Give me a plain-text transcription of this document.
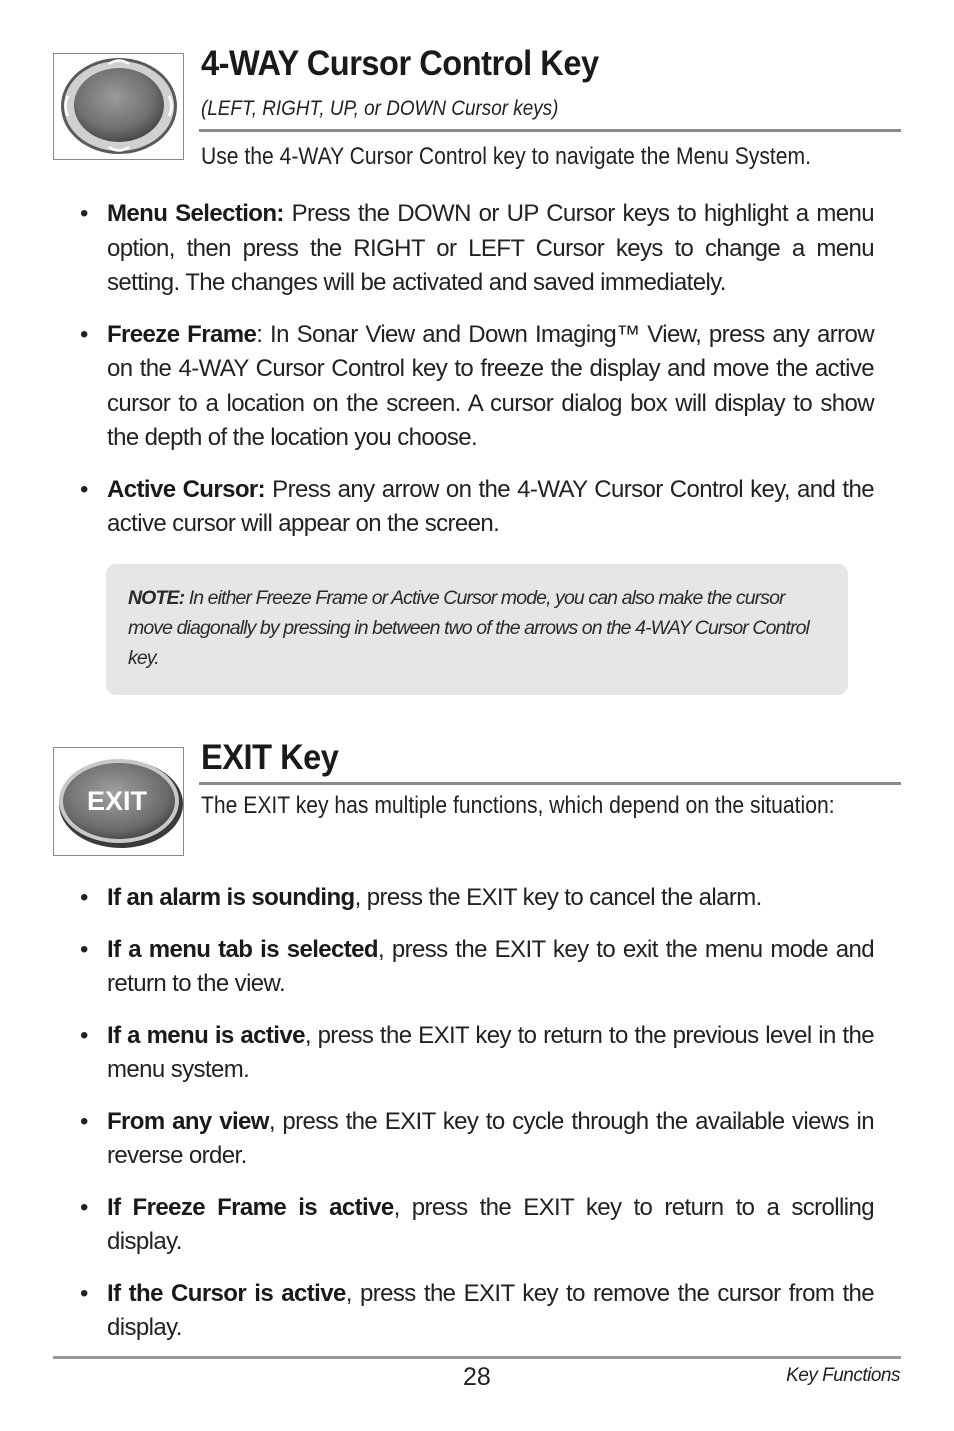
4-WAY Cursor Control Key
(LEFT, RIGHT, UP, or DOWN Cursor keys)
Use the 4-WAY Cursor Control key to navigate the Menu System.
• Menu Selection: Press the DOWN or UP Cursor keys to highlight a menu option, then press the RIGHT or LEFT Cursor keys to change a menu setting. The changes will be activated and saved immediately.
• Freeze Frame: In Sonar View and Down Imaging™ View, press any arrow on the 4-WAY Cursor Control key to freeze the display and move the active cursor to a location on the screen. A cursor dialog box will display to show the depth of the location you choose.
• Active Cursor: Press any arrow on the 4-WAY Cursor Control key, and the active cursor will appear on the screen.
NOTE: In either Freeze Frame or Active Cursor mode, you can also make the cursor move diagonally by pressing in between two of the arrows on the 4-WAY Cursor Control key.
EXIT
EXIT Key
The EXIT key has multiple functions, which depend on the situation:
• If an alarm is sounding, press the EXIT key to cancel the alarm.
• If a menu tab is selected, press the EXIT key to exit the menu mode and return to the view.
• If a menu is active, press the EXIT key to return to the previous level in the menu system.
• From any view, press the EXIT key to cycle through the available views in reverse order.
• If Freeze Frame is active, press the EXIT key to return to a scrolling display.
• If the Cursor is active, press the EXIT key to remove the cursor from the display.
28	Key Functions
